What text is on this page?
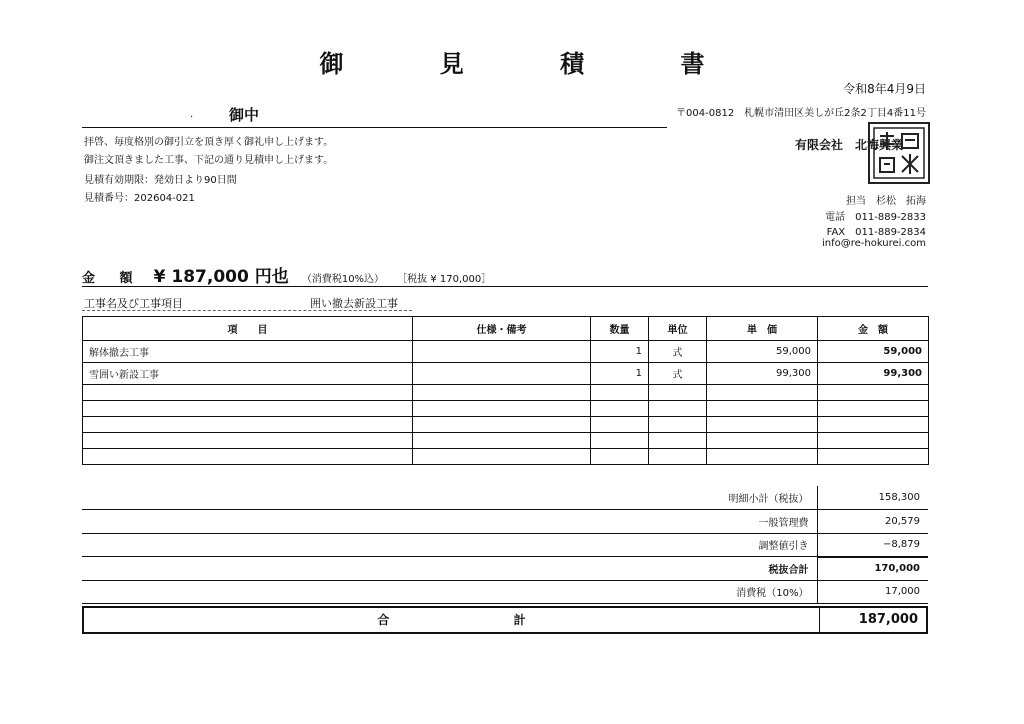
御 見 積 書
令和8年4月9日
. 御中
拝啓、毎度格別の御引立を頂き厚く御礼申し上げます。
御注文頂きました工事、下記の通り見積申し上げます。
見積有効期限：発効日より90日間
見積番号：202604-021
〒004-0812　札幌市清田区美しが丘2条2丁目4番11号
有限会社　北海興業
担当　杉松　拓海
電話　011-889-2833
FAX　011-889-2834
info@re-hokurei.com
金 額 ¥ 187,000 円也 （消費税10%込） ［税抜 ¥ 170,000］
工事名及び工事項目	囲い撤去新設工事
項　　目	仕様・備考	数量	単位	単　価	金　額
解体撤去工事		1	式	59,000	59,000
雪囲い新設工事		1	式	99,300	99,300

明細小計（税抜）	158,300
一般管理費	20,579
調整値引き	−8,879
税抜合計	170,000
消費税（10%）	17,000
合 計	187,000
